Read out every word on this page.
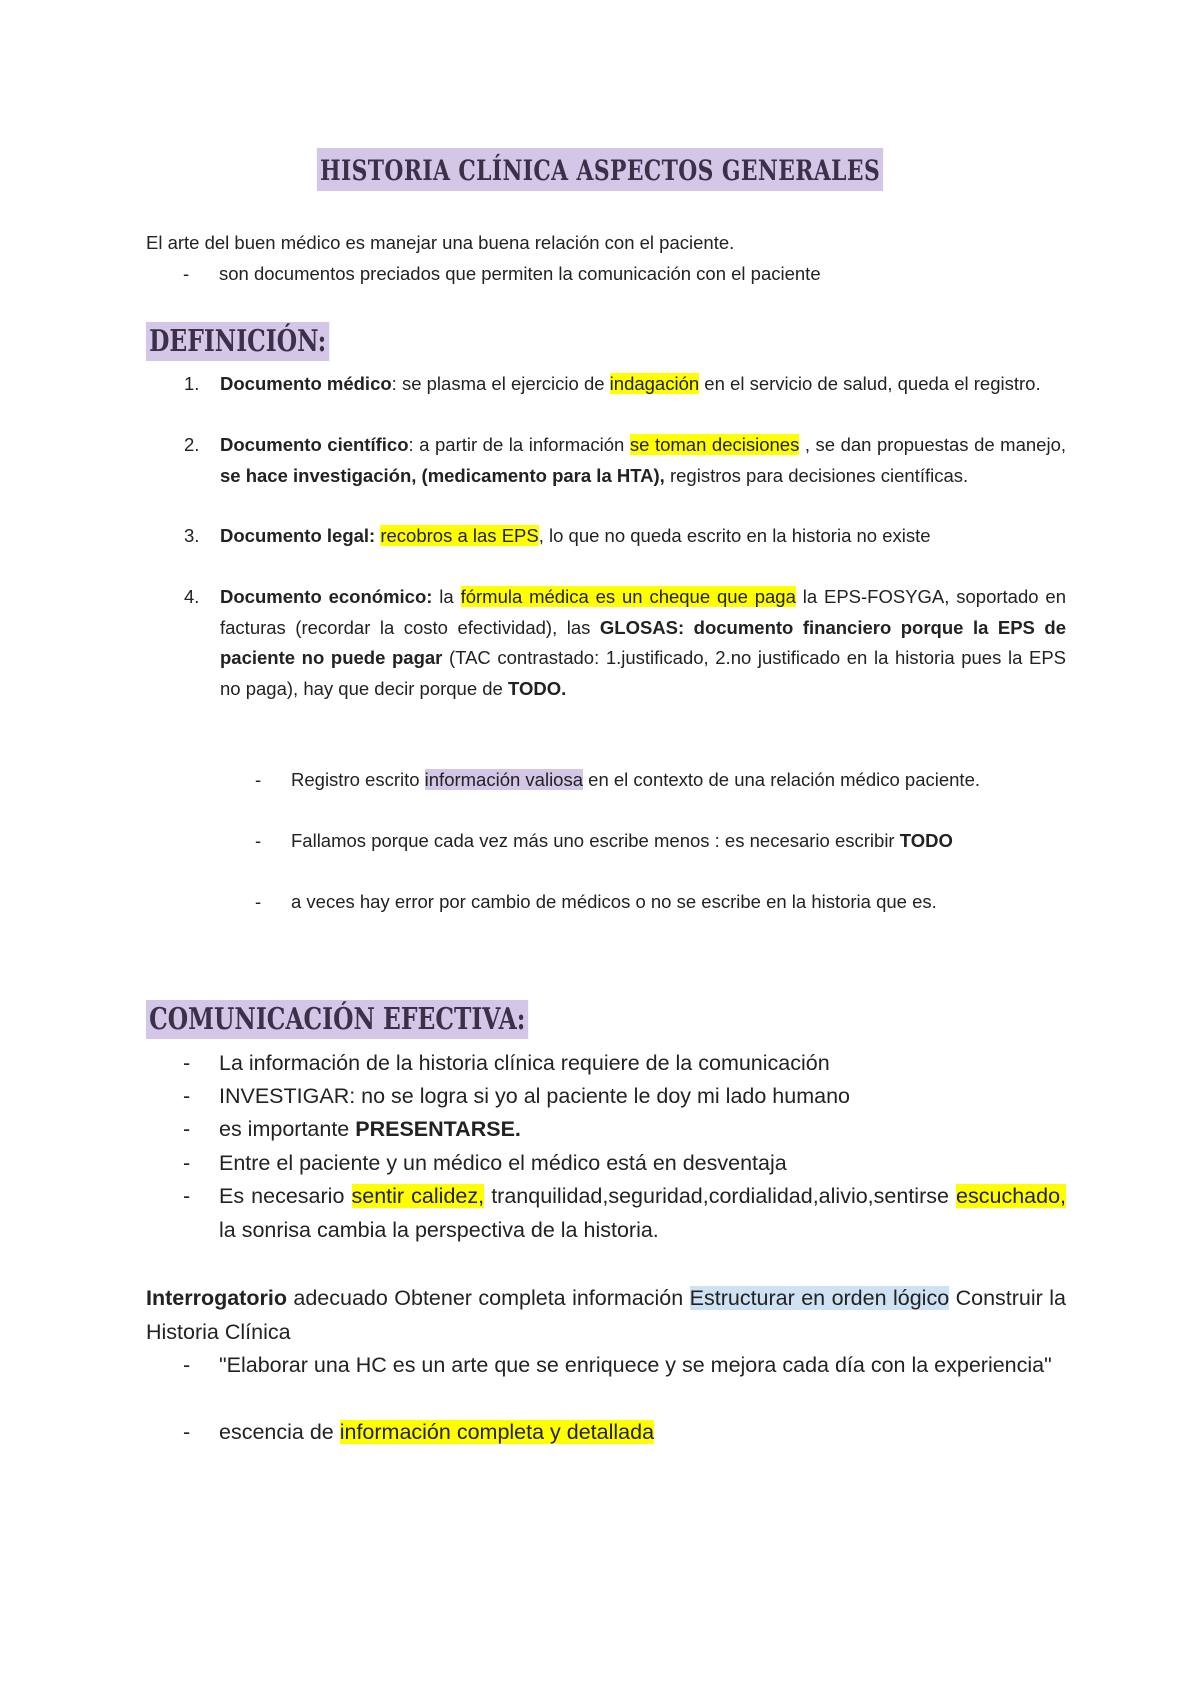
HISTORIA CLÍNICA ASPECTOS GENERALES
El arte del buen médico es manejar una buena relación con el paciente.
- son documentos preciados que permiten la comunicación con el paciente
DEFINICIÓN:
1. Documento médico: se plasma el ejercicio de indagación en el servicio de salud, queda el registro.
2. Documento científico: a partir de la información se toman decisiones , se dan propuestas de manejo, se hace investigación, (medicamento para la HTA), registros para decisiones científicas.
3. Documento legal: recobros a las EPS, lo que no queda escrito en la historia no existe
4. Documento económico: la fórmula médica es un cheque que paga la EPS-FOSYGA, soportado en facturas (recordar la costo efectividad), las GLOSAS: documento financiero porque la EPS de paciente no puede pagar (TAC contrastado: 1.justificado, 2.no justificado en la historia pues la EPS no paga), hay que decir porque de TODO.
- Registro escrito información valiosa en el contexto de una relación médico paciente.
- Fallamos porque cada vez más uno escribe menos : es necesario escribir TODO
- a veces hay error por cambio de médicos o no se escribe en la historia que es.
COMUNICACIÓN EFECTIVA:
- La información de la historia clínica requiere de la comunicación
- INVESTIGAR: no se logra si yo al paciente le doy mi lado humano
- es importante PRESENTARSE.
- Entre el paciente y un médico el médico está en desventaja
- Es necesario sentir calidez, tranquilidad,seguridad,cordialidad,alivio,sentirse escuchado, la sonrisa cambia la perspectiva de la historia.
Interrogatorio adecuado Obtener completa información Estructurar en orden lógico Construir la Historia Clínica
- "Elaborar una HC es un arte que se enriquece y se mejora cada día con la experiencia"
- escencia de información completa y detallada
